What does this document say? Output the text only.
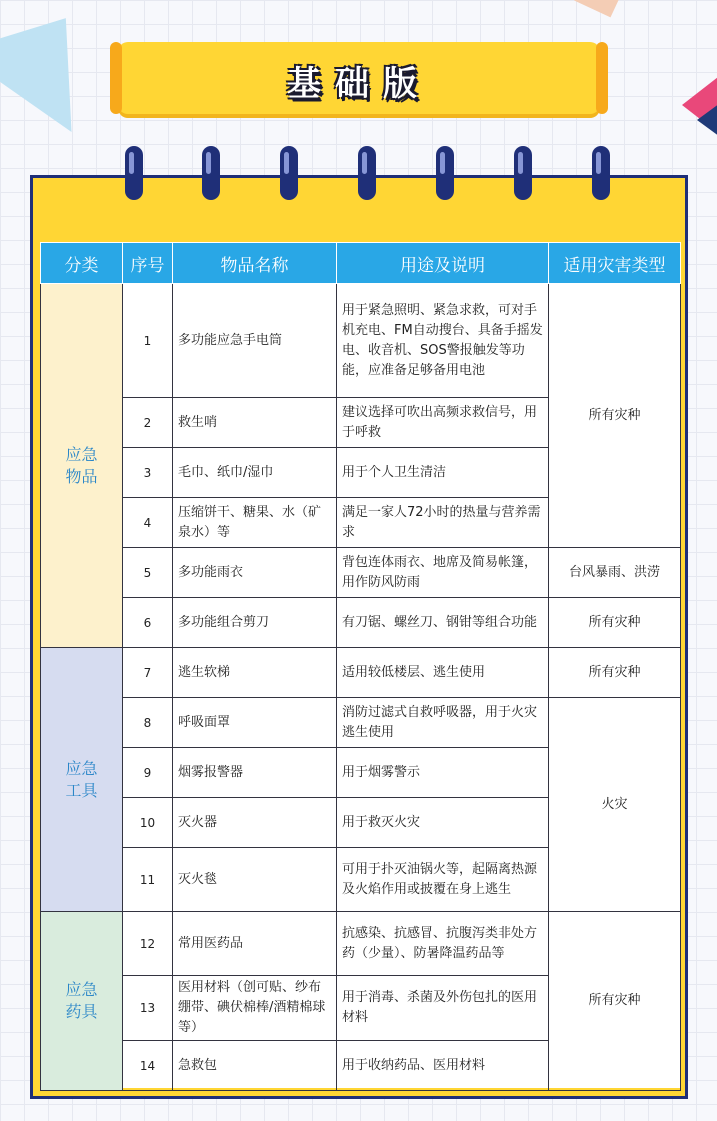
基础版
分类	序号	物品名称	用途及说明	适用灾害类型
应急
物品	1	多功能应急手电筒	用于紧急照明、紧急求救，可对手机充电、FM自动搜台、具备手摇发电、收音机、SOS警报触发等功能，应准备足够备用电池	所有灾种
	2	救生哨	建议选择可吹出高频求救信号，用于呼救	
	3	毛巾、纸巾/湿巾	用于个人卫生清洁	
	4	压缩饼干、糖果、水（矿泉水）等	满足一家人72小时的热量与营养需求	
	5	多功能雨衣	背包连体雨衣、地席及简易帐篷，用作防风防雨	台风暴雨、洪涝
	6	多功能组合剪刀	有刀锯、螺丝刀、钢钳等组合功能	所有灾种
应急
工具	7	逃生软梯	适用较低楼层、逃生使用	所有灾种
	8	呼吸面罩	消防过滤式自救呼吸器，用于火灾逃生使用	火灾
	9	烟雾报警器	用于烟雾警示	
	10	灭火器	用于救灭火灾	
	11	灭火毯	可用于扑灭油锅火等，起隔离热源及火焰作用或披覆在身上逃生	
应急
药具	12	常用医药品	抗感染、抗感冒、抗腹泻类非处方药（少量）、防暑降温药品等	所有灾种
	13	医用材料（创可贴、纱布绷带、碘伏棉棒/酒精棉球等）	用于消毒、杀菌及外伤包扎的医用材料	
	14	急救包	用于收纳药品、医用材料	
